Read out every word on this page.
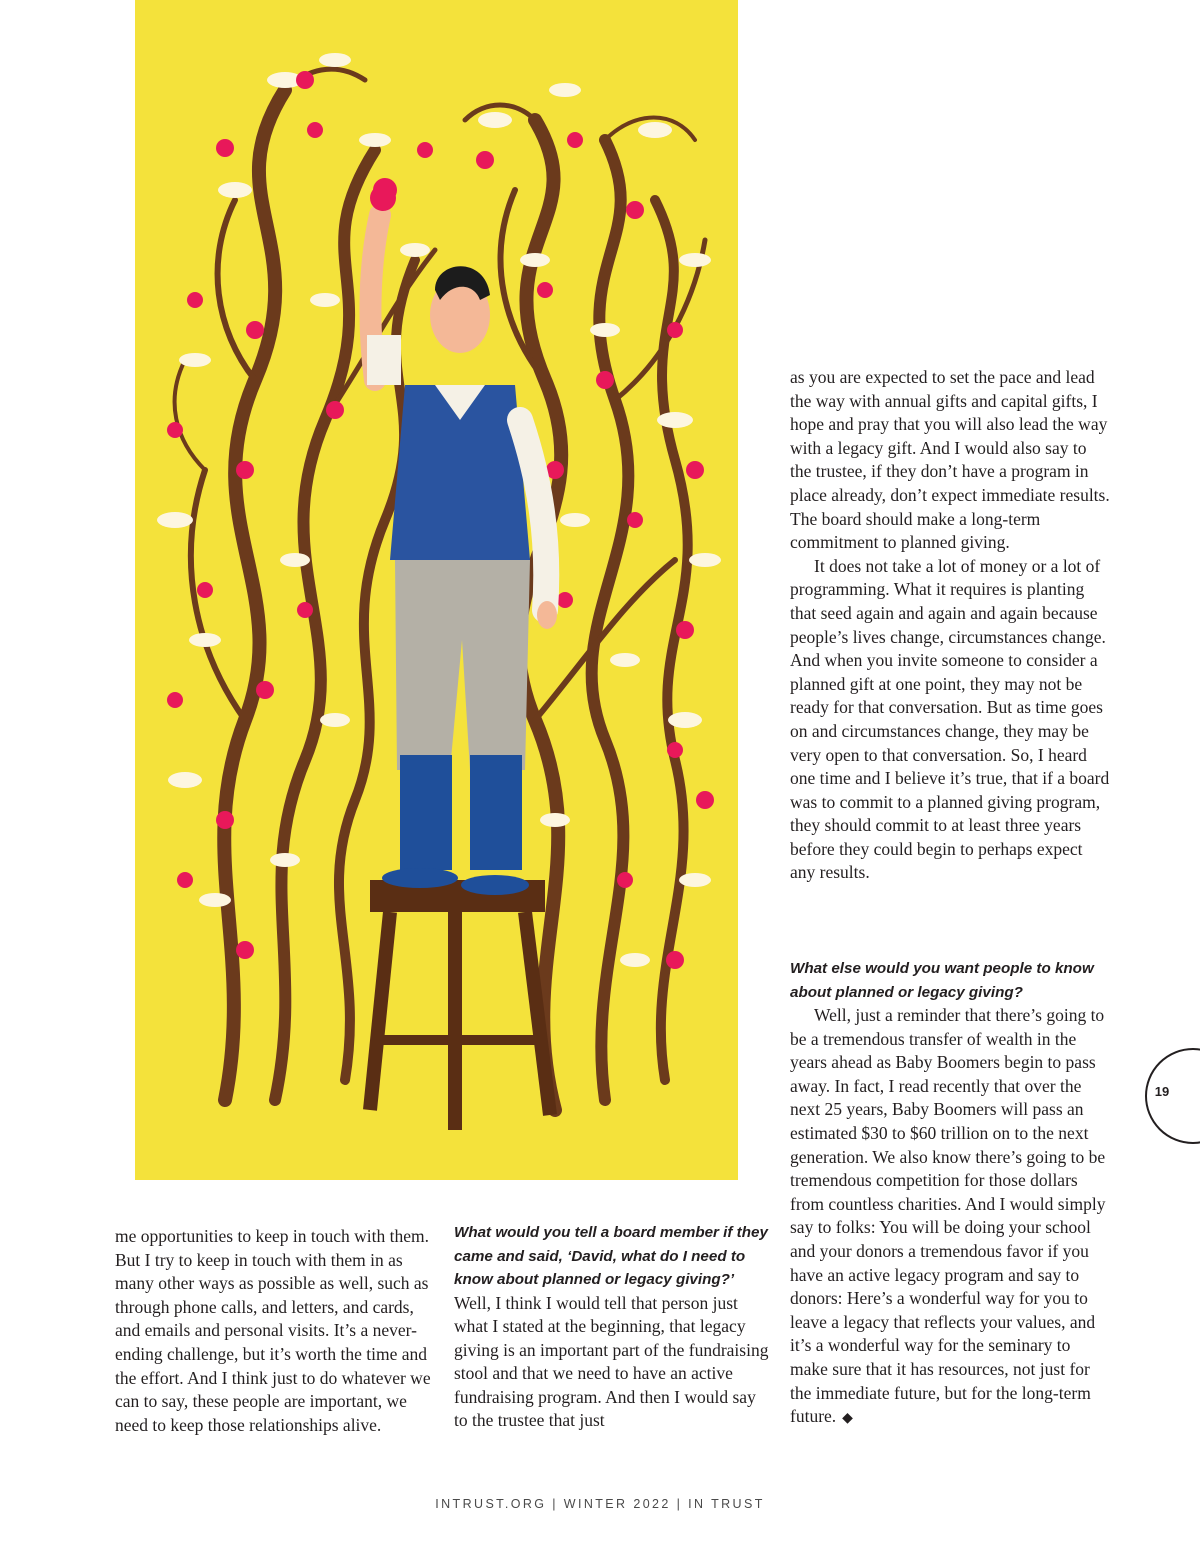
me opportunities to keep in touch with them. But I try to keep in touch with them in as many other ways as possible as well, such as through phone calls, and letters, and cards, and emails and personal visits. It’s a never-ending challenge, but it’s worth the time and the effort. And I think just to do whatever we can to say, these people are important, we need to keep those relationships alive.

What would you tell a board member if they came and said, ‘David, what do I need to know about planned or legacy giving?’

Well, I think I would tell that person just what I stated at the beginning, that legacy giving is an important part of the fundraising stool and that we need to have an active fundraising program. And then I would say to the trustee that just

as you are expected to set the pace and lead the way with annual gifts and capital gifts, I hope and pray that you will also lead the way with a legacy gift. And I would also say to the trustee, if they don’t have a program in place already, don’t expect immediate results. The board should make a long-term commitment to planned giving.

It does not take a lot of money or a lot of programming. What it requires is planting that seed again and again and again because people’s lives change, circumstances change. And when you invite someone to consider a planned gift at one point, they may not be ready for that conversation. But as time goes on and circumstances change, they may be very open to that conversation. So, I heard one time and I believe it’s true, that if a board was to commit to a planned giving program, they should commit to at least three years before they could begin to perhaps expect any results.

What else would you want people to know about planned or legacy giving?

Well, just a reminder that there’s going to be a tremendous transfer of wealth in the years ahead as Baby Boomers begin to pass away. In fact, I read recently that over the next 25 years, Baby Boomers will pass an estimated $30 to $60 trillion on to the next generation. We also know there’s going to be tremendous competition for those dollars from countless charities. And I would simply say to folks: You will be doing your school and your donors a tremendous favor if you have an active legacy program and say to donors: Here’s a wonderful way for you to leave a legacy that reflects your values, and it’s a wonderful way for the seminary to make sure that it has resources, not just for the immediate future, but for the long-term future. ◆

19
INTRUST.ORG | WINTER 2022 | IN TRUST
